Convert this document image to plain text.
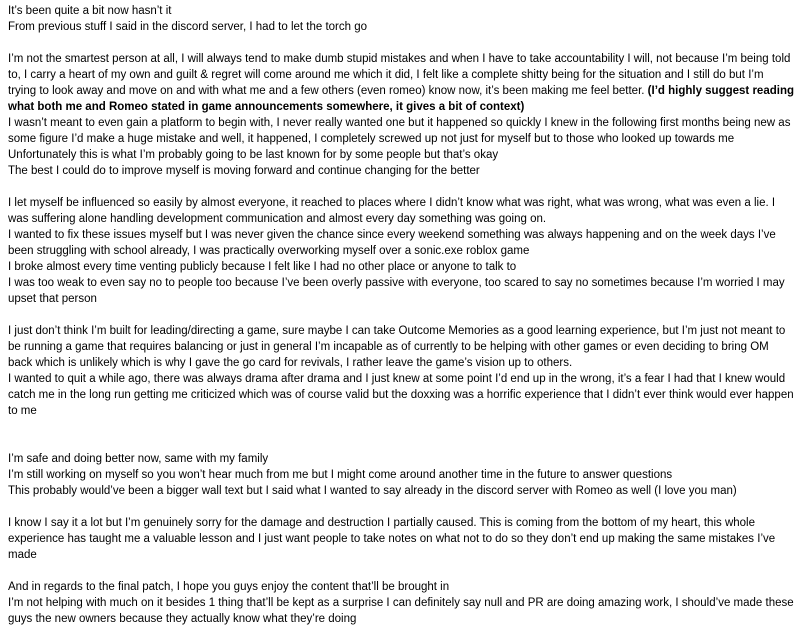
It’s been quite a bit now hasn’t it

From previous stuff I said in the discord server, I had to let the torch go

I’m not the smartest person at all, I will always tend to make dumb stupid mistakes and when I have to take accountability I will, not because I’m being told to, I carry a heart of my own and guilt & regret will come around me which it did, I felt like a complete shitty being for the situation and I still do but I’m trying to look away and move on and with what me and a few others (even romeo) know now, it’s been making me feel better. (I’d highly suggest reading what both me and Romeo stated in game announcements somewhere, it gives a bit of context)

I wasn’t meant to even gain a platform to begin with, I never really wanted one but it happened so quickly I knew in the following first months being new as some figure I’d make a huge mistake and well, it happened, I completely screwed up not just for myself but to those who looked up towards me

Unfortunately this is what I’m probably going to be last known for by some people but that’s okay

The best I could do to improve myself is moving forward and continue changing for the better

I let myself be influenced so easily by almost everyone, it reached to places where I didn’t know what was right, what was wrong, what was even a lie. I was suffering alone handling development communication and almost every day something was going on.

I wanted to fix these issues myself but I was never given the chance since every weekend something was always happening and on the week days I’ve been struggling with school already, I was practically overworking myself over a sonic.exe roblox game

I broke almost every time venting publicly because I felt like I had no other place or anyone to talk to

I was too weak to even say no to people too because I’ve been overly passive with everyone, too scared to say no sometimes because I’m worried I may upset that person

I just don’t think I’m built for leading/directing a game, sure maybe I can take Outcome Memories as a good learning experience, but I’m just not meant to be running a game that requires balancing or just in general I’m incapable as of currently to be helping with other games or even deciding to bring OM back which is unlikely which is why I gave the go card for revivals, I rather leave the game’s vision up to others.

I wanted to quit a while ago, there was always drama after drama and I just knew at some point I’d end up in the wrong, it’s a fear I had that I knew would catch me in the long run getting me criticized which was of course valid but the doxxing was a horrific experience that I didn’t ever think would ever happen to me

I’m safe and doing better now, same with my family

I’m still working on myself so you won’t hear much from me but I might come around another time in the future to answer questions

This probably would’ve been a bigger wall text but I said what I wanted to say already in the discord server with Romeo as well (I love you man)

I know I say it a lot but I’m genuinely sorry for the damage and destruction I partially caused. This is coming from the bottom of my heart, this whole experience has taught me a valuable lesson and I just want people to take notes on what not to do so they don’t end up making the same mistakes I’ve made

And in regards to the final patch, I hope you guys enjoy the content that’ll be brought in

I’m not helping with much on it besides 1 thing that’ll be kept as a surprise I can definitely say null and PR are doing amazing work, I should’ve made these guys the new owners because they actually know what they’re doing
